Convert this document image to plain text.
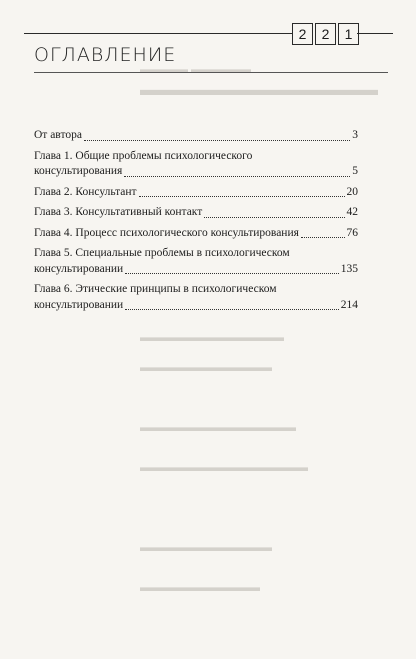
▬▬▬▬ ▬▬▬▬▬
▬▬▬▬▬▬▬▬▬▬▬▬▬▬
▬▬▬▬▬▬▬▬▬▬▬▬
▬▬▬▬▬▬▬▬▬▬▬
▬▬▬▬▬▬▬▬▬▬▬▬▬
▬▬▬▬▬▬▬▬▬▬▬▬▬▬
▬▬▬▬▬▬▬▬▬▬▬
▬▬▬▬▬▬▬▬▬▬
2	2	1
ОГЛАВЛЕНИЕ
От автора	3
Глава 1. Общие проблемы психологического
консультирования	5
Глава 2. Консультант	20
Глава 3. Консультативный контакт	42
Глава 4. Процесс психологического консультирования	76
Глава 5. Специальные проблемы в психологическом
консультировании	135
Глава 6. Этические принципы в психологическом
консультировании	214
